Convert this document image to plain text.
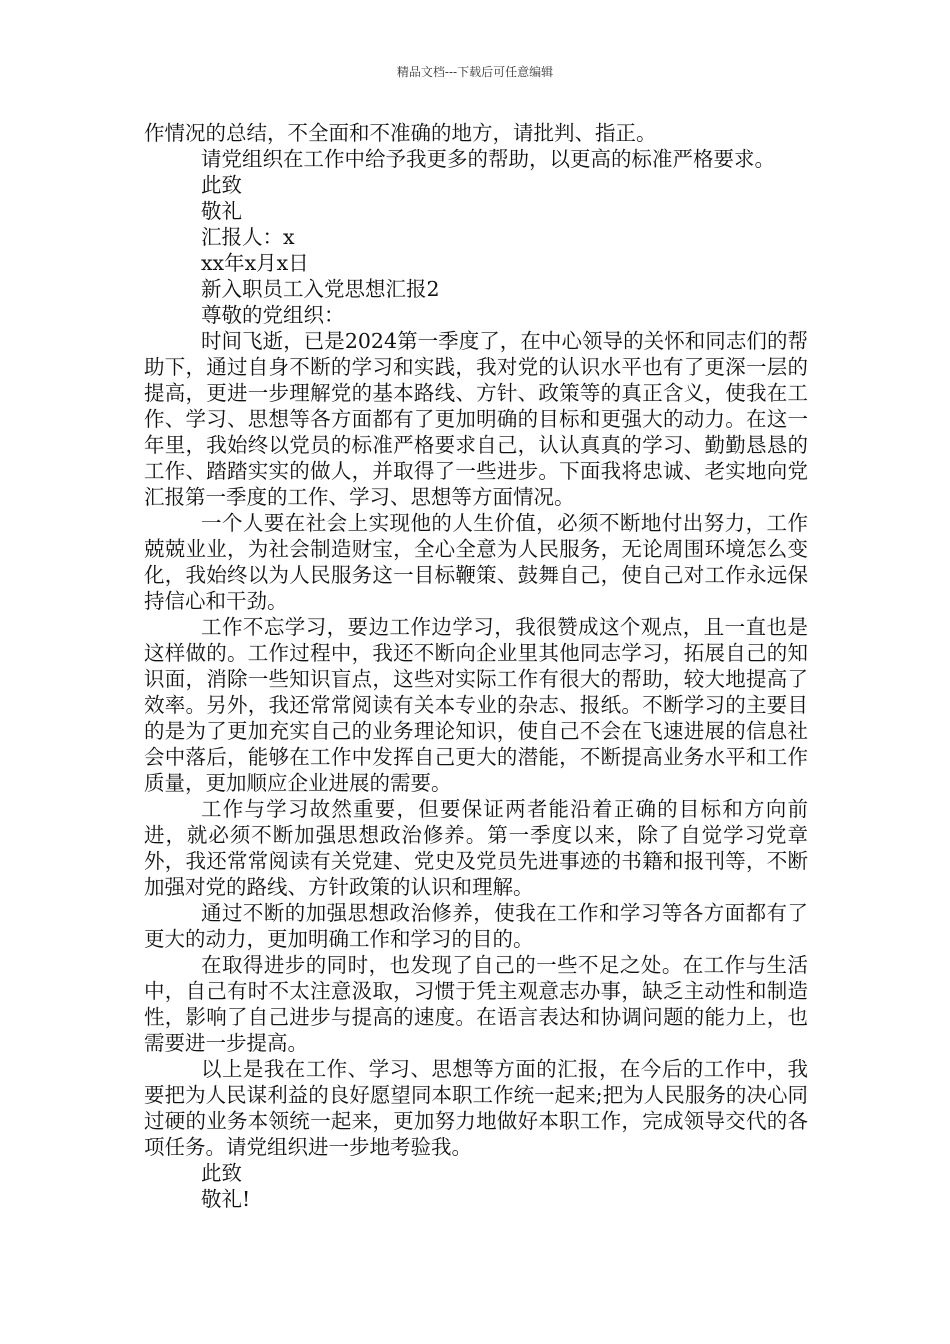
精品文档---下载后可任意编辑

作情况的总结，不全面和不准确的地方，请批判、指正。

请党组织在工作中给予我更多的帮助，以更高的标准严格要求。

此致

敬礼

汇报人：x

xx年x月x日

新入职员工入党思想汇报2

尊敬的党组织：

时间飞逝，已是2024第一季度了，在中心领导的关怀和同志们的帮助下，通过自身不断的学习和实践，我对党的认识水平也有了更深一层的提高，更进一步理解党的基本路线、方针、政策等的真正含义，使我在工作、学习、思想等各方面都有了更加明确的目标和更强大的动力。在这一年里，我始终以党员的标准严格要求自己，认认真真的学习、勤勤恳恳的工作、踏踏实实的做人，并取得了一些进步。下面我将忠诚、老实地向党汇报第一季度的工作、学习、思想等方面情况。

一个人要在社会上实现他的人生价值，必须不断地付出努力，工作兢兢业业，为社会制造财宝，全心全意为人民服务，无论周围环境怎么变化，我始终以为人民服务这一目标鞭策、鼓舞自己，使自己对工作永远保持信心和干劲。

工作不忘学习，要边工作边学习，我很赞成这个观点，且一直也是这样做的。工作过程中，我还不断向企业里其他同志学习，拓展自己的知识面，消除一些知识盲点，这些对实际工作有很大的帮助，较大地提高了效率。另外，我还常常阅读有关本专业的杂志、报纸。不断学习的主要目的是为了更加充实自己的业务理论知识，使自己不会在飞速进展的信息社会中落后，能够在工作中发挥自己更大的潜能，不断提高业务水平和工作质量，更加顺应企业进展的需要。

工作与学习故然重要，但要保证两者能沿着正确的目标和方向前进，就必须不断加强思想政治修养。第一季度以来，除了自觉学习党章外，我还常常阅读有关党建、党史及党员先进事迹的书籍和报刊等，不断加强对党的路线、方针政策的认识和理解。

通过不断的加强思想政治修养，使我在工作和学习等各方面都有了更大的动力，更加明确工作和学习的目的。

在取得进步的同时，也发现了自己的一些不足之处。在工作与生活中，自己有时不太注意汲取，习惯于凭主观意志办事，缺乏主动性和制造性，影响了自己进步与提高的速度。在语言表达和协调问题的能力上，也需要进一步提高。

以上是我在工作、学习、思想等方面的汇报，在今后的工作中，我要把为人民谋利益的良好愿望同本职工作统一起来;把为人民服务的决心同过硬的业务本领统一起来，更加努力地做好本职工作，完成领导交代的各项任务。请党组织进一步地考验我。

此致

敬礼!
